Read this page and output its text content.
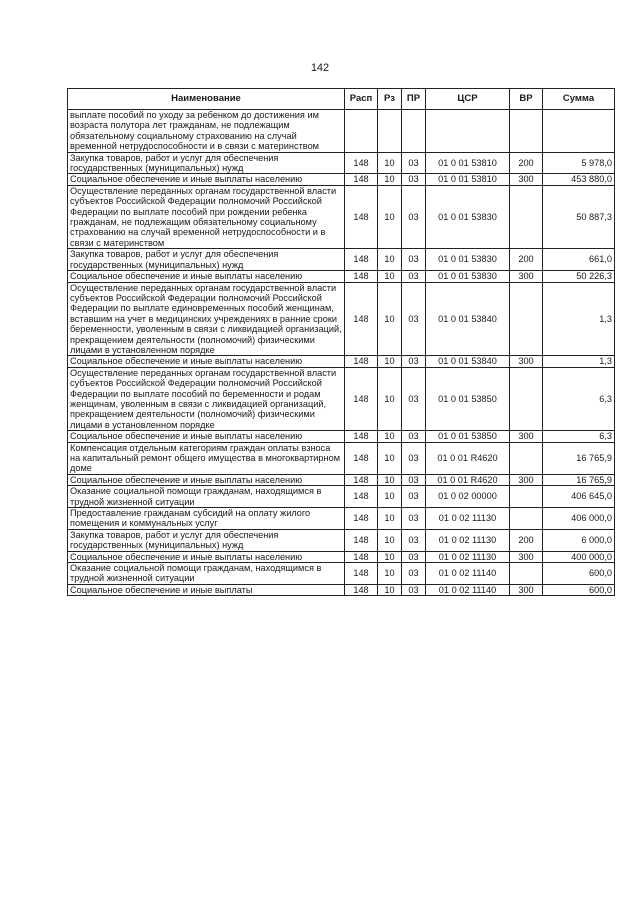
142
Наименование	Расп	Рз	ПР	ЦСР	ВР	Сумма
выплате пособий по уходу за ребенком до достижения им возраста полутора лет гражданам, не подлежащим обязательному социальному страхованию на случай временной нетрудоспособности и в связи с материнством						
Закупка товаров, работ и услуг для обеспечения государственных (муниципальных) нужд	148	10	03	01 0 01 53810	200	5 978,0
Социальное обеспечение и иные выплаты населению	148	10	03	01 0 01 53810	300	453 880,0
Осуществление переданных органам государственной власти субъектов Российской Федерации полномочий Российской Федерации по выплате пособий при рождении ребенка гражданам, не подлежащим обязательному социальному страхованию на случай временной нетрудоспособности и в связи с материнством	148	10	03	01 0 01 53830		50 887,3
Закупка товаров, работ и услуг для обеспечения государственных (муниципальных) нужд	148	10	03	01 0 01 53830	200	661,0
Социальное обеспечение и иные выплаты населению	148	10	03	01 0 01 53830	300	50 226,3
Осуществление переданных органам государственной власти субъектов Российской Федерации полномочий Российской Федерации по выплате единовременных пособий женщинам, вставшим на учет в медицинских учреждениях в ранние сроки беременности, уволенным в связи с ликвидацией организаций, прекращением деятельности (полномочий) физическими лицами в установленном порядке	148	10	03	01 0 01 53840		1,3
Социальное обеспечение и иные выплаты населению	148	10	03	01 0 01 53840	300	1,3
Осуществление переданных органам государственной власти субъектов Российской Федерации полномочий Российской Федерации по выплате пособий по беременности и родам женщинам, уволенным в связи с ликвидацией организаций, прекращением деятельности (полномочий) физическими лицами в установленном порядке	148	10	03	01 0 01 53850		6,3
Социальное обеспечение и иные выплаты населению	148	10	03	01 0 01 53850	300	6,3
Компенсация отдельным категориям граждан оплаты взноса на капитальный ремонт общего имущества в многоквартирном доме	148	10	03	01 0 01 R4620		16 765,9
Социальное обеспечение и иные выплаты населению	148	10	03	01 0 01 R4620	300	16 765,9
Оказание социальной помощи гражданам, находящимся в трудной жизненной ситуации	148	10	03	01 0 02 00000		406 645,0
Предоставление гражданам субсидий на оплату жилого помещения и коммунальных услуг	148	10	03	01 0 02 11130		406 000,0
Закупка товаров, работ и услуг для обеспечения государственных (муниципальных) нужд	148	10	03	01 0 02 11130	200	6 000,0
Социальное обеспечение и иные выплаты населению	148	10	03	01 0 02 11130	300	400 000,0
Оказание социальной помощи гражданам, находящимся в трудной жизненной ситуации	148	10	03	01 0 02 11140		600,0
Социальное обеспечение и иные выплаты	148	10	03	01 0 02 11140	300	600,0
